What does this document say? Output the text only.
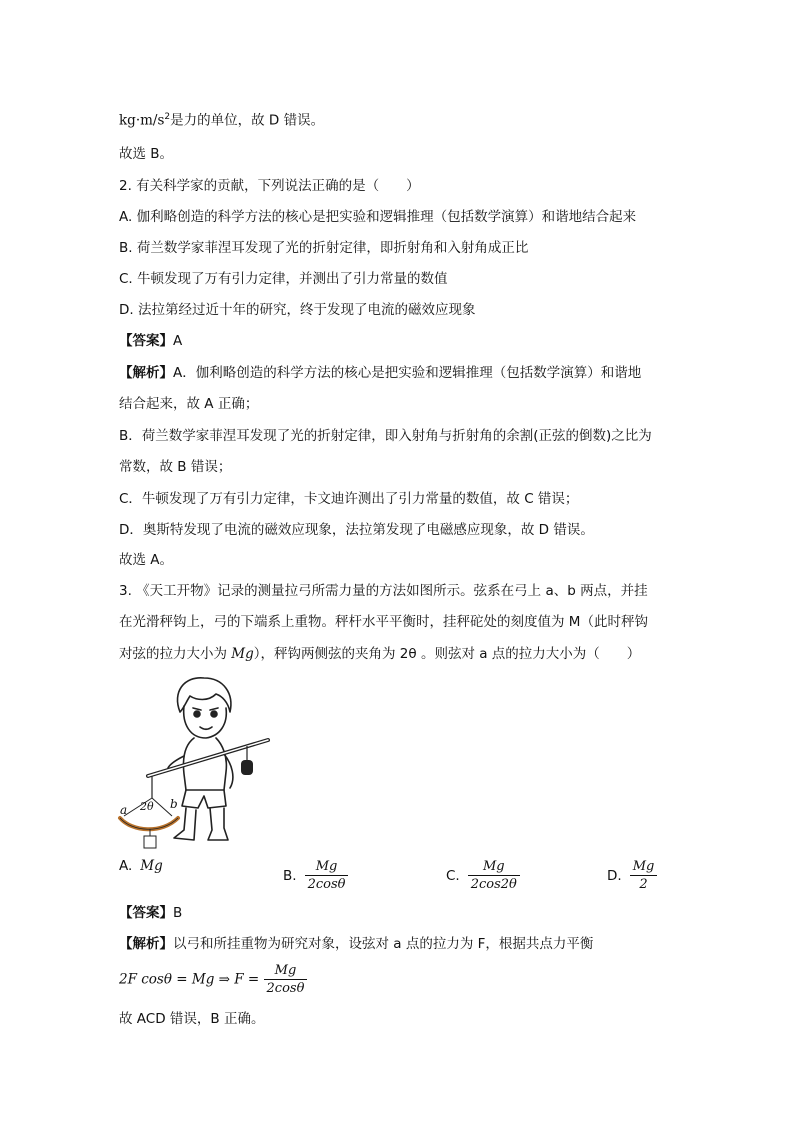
$kg\cdot m/s^2$是力的单位，故 D 错误。
故选 B。
2. 有关科学家的贡献，下列说法正确的是（　　）
A. 伽利略创造的科学方法的核心是把实验和逻辑推理（包括数学演算）和谐地结合起来
B. 荷兰数学家菲涅耳发现了光的折射定律，即折射角和入射角成正比
C. 牛顿发现了万有引力定律，并测出了引力常量的数值
D. 法拉第经过近十年的研究，终于发现了电流的磁效应现象
【答案】A
【解析】A．伽利略创造的科学方法的核心是把实验和逻辑推理（包括数学演算）和谐地
结合起来，故 A 正确；
B．荷兰数学家菲涅耳发现了光的折射定律，即入射角与折射角的余割(正弦的倒数)之比为
常数，故 B 错误；
C．牛顿发现了万有引力定律，卡文迪许测出了引力常量的数值，故 C 错误；
D．奥斯特发现了电流的磁效应现象，法拉第发现了电磁感应现象，故 D 错误。
故选 A。
3. 《天工开物》记录的测量拉弓所需力量的方法如图所示。弦系在弓上 a、b 两点，并挂
在光滑秤钩上，弓的下端系上重物。秤杆水平平衡时，挂秤砣处的刻度值为 M（此时秤钩
对弦的拉力大小为 Mg），秤钩两侧弦的夹角为 2θ 。则弦对 a 点的拉力大小为（　　）
a 2θ b
A. Mg
B. $\frac{Mg}{2\cos\theta}$	C. $\frac{Mg}{2\cos 2\theta}$	D. $\frac{Mg}{2}$
【答案】B
【解析】以弓和所挂重物为研究对象，设弦对 a 点的拉力为 F，根据共点力平衡
2F cosθ = Mg ⇒ $F = \frac{Mg}{2\cos\theta}$
故 ACD 错误，B 正确。
